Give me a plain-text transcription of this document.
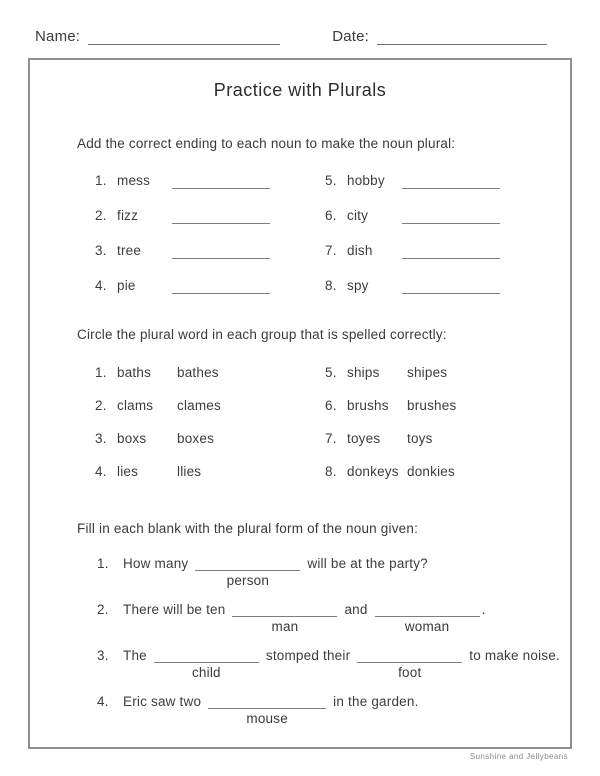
Name:	Date:
Practice with Plurals
Add the correct ending to each noun to make the noun plural:
1. mess
2. fizz
3. tree
4. pie
5. hobby
6. city
7. dish
8. spy
Circle the plural word in each group that is spelled correctly:
1. baths	bathes
2. clams	clames
3. boxs	boxes
4. lies	llies
5. ships	shipes
6. brushs	brushes
7. toyes	toys
8. donkeys donkies
Fill in each blank with the plural form of the noun given:
1.	How many
person
will be at the party?
2.	There will be ten
man
and
woman
.
3.	The
child
stomped their
foot
to make noise.
4.	Eric saw two
mouse
in the garden.
Sunshine and Jellybeans
